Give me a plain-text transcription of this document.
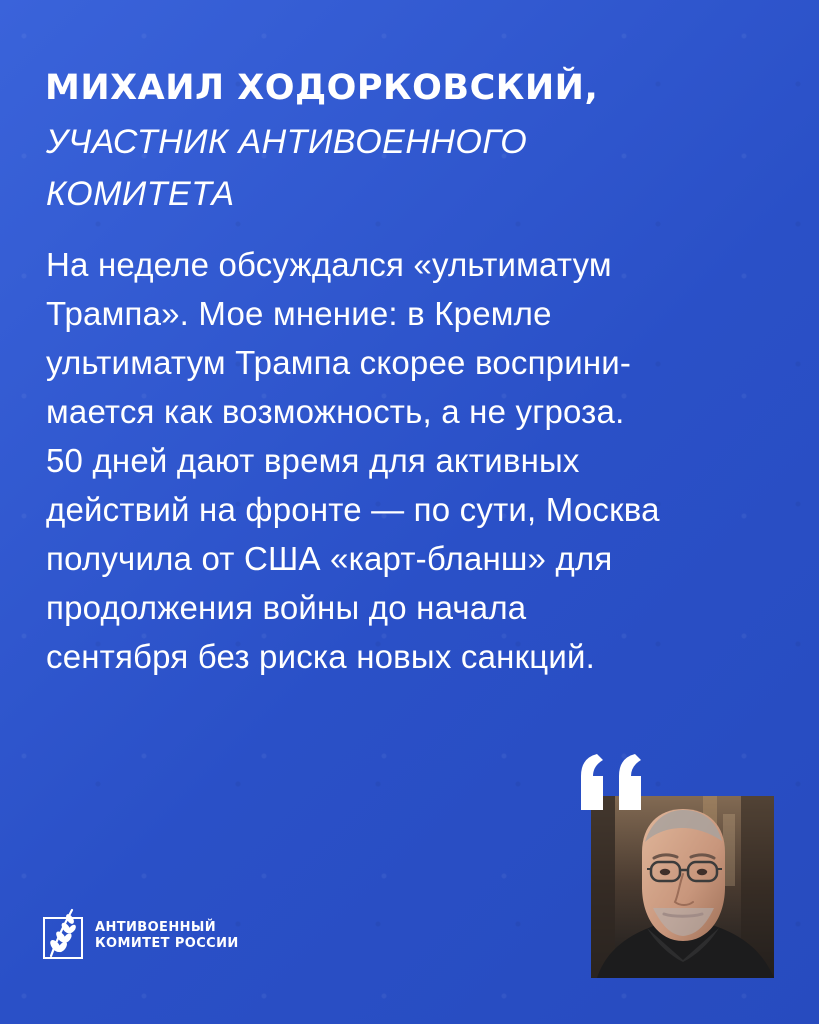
МИХАИЛ ХОДОРКОВСКИЙ,
УЧАСТНИК АНТИВОЕННОГО
КОМИТЕТА
На неделе обсуждался «ультиматум
Трампа». Мое мнение: в Кремле
ультиматум Трампа скорее восприни-
мается как возможность, а не угроза.
50 дней дают время для активных
действий на фронте — по сути, Москва
получила от США «карт-бланш» для
продолжения войны до начала
сентября без риска новых санкций.
АНТИВОЕННЫЙ
КОМИТЕТ РОССИИ
